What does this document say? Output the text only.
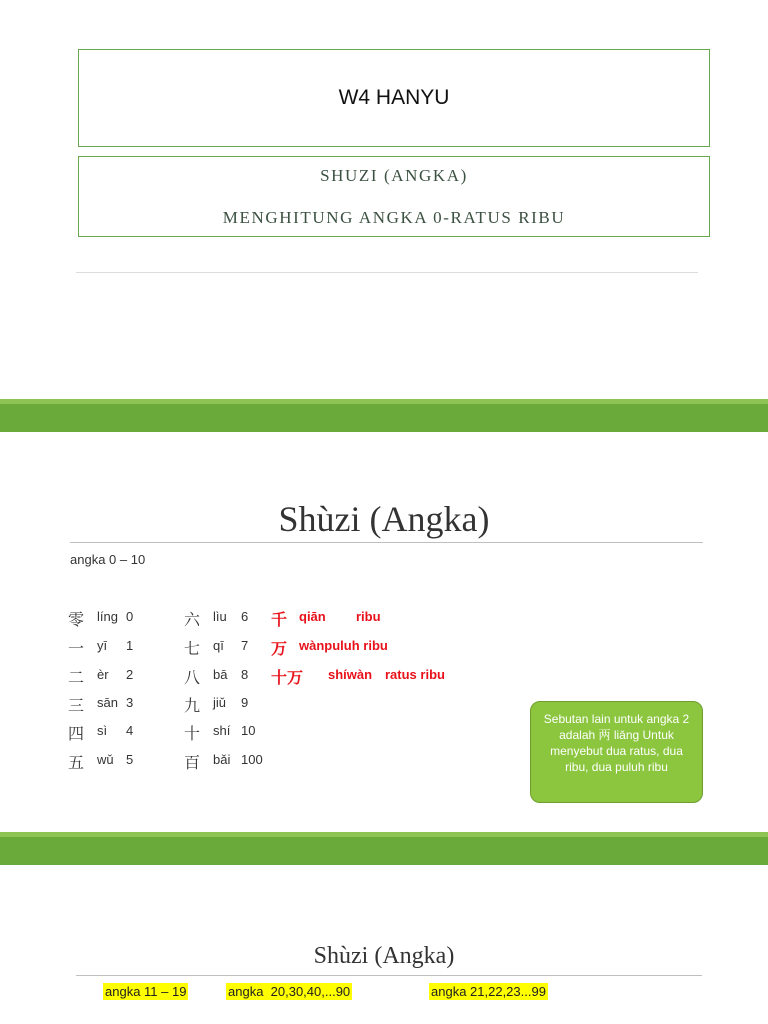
W4 HANYU
SHUZI (ANGKA)
MENGHITUNG ANGKA 0-RATUS RIBU
Shùzi (Angka)
angka 0 – 10
零 líng 0
一 yī 1
二 èr 2
三 sān 3
四 sì 4
五 wǔ 5
六 lìu 6
七 qī 7
八 bā 8
九 jiǔ 9
十 shí 10
百 bǎi 100
千 qiān ribu
万 wànpuluh ribu
十万 shíwàn ratus ribu
Sebutan lain untuk angka 2 adalah 两 liǎng Untuk menyebut dua ratus, dua ribu, dua puluh ribu
Shùzi (Angka)
angka 11 – 19	angka  20,30,40,...90	angka 21,22,23...99
